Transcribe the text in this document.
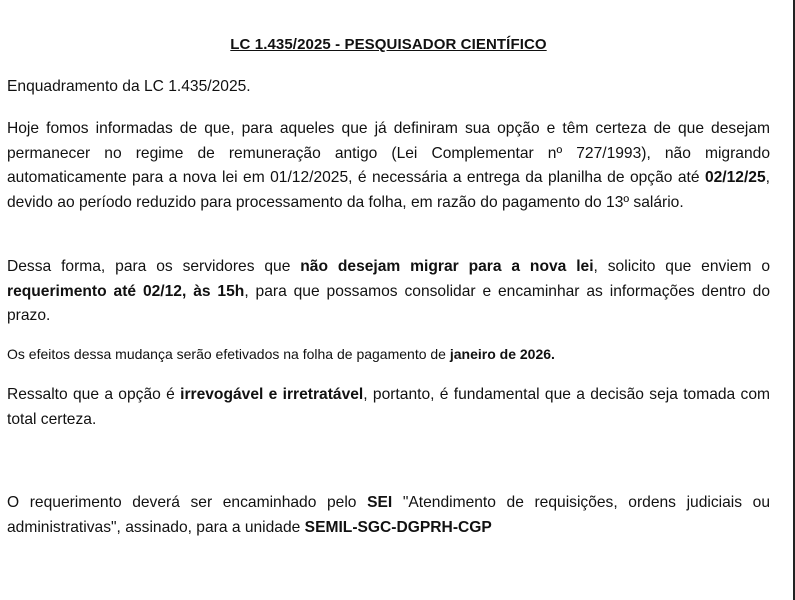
LC 1.435/2025 - PESQUISADOR CIENTÍFICO

Enquadramento da LC 1.435/2025.

Hoje fomos informadas de que, para aqueles que já definiram sua opção e têm certeza de que desejam permanecer no regime de remuneração antigo (Lei Complementar nº 727/1993), não migrando automaticamente para a nova lei em 01/12/2025, é necessária a entrega da planilha de opção até 02/12/25, devido ao período reduzido para processamento da folha, em razão do pagamento do 13º salário.

Dessa forma, para os servidores que não desejam migrar para a nova lei, solicito que enviem o requerimento até 02/12, às 15h, para que possamos consolidar e encaminhar as informações dentro do prazo.

Os efeitos dessa mudança serão efetivados na folha de pagamento de janeiro de 2026.

Ressalto que a opção é irrevogável e irretratável, portanto, é fundamental que a decisão seja tomada com total certeza.

O requerimento deverá ser encaminhado pelo SEI "Atendimento de requisições, ordens judiciais ou administrativas", assinado, para a unidade SEMIL-SGC-DGPRH-CGP
